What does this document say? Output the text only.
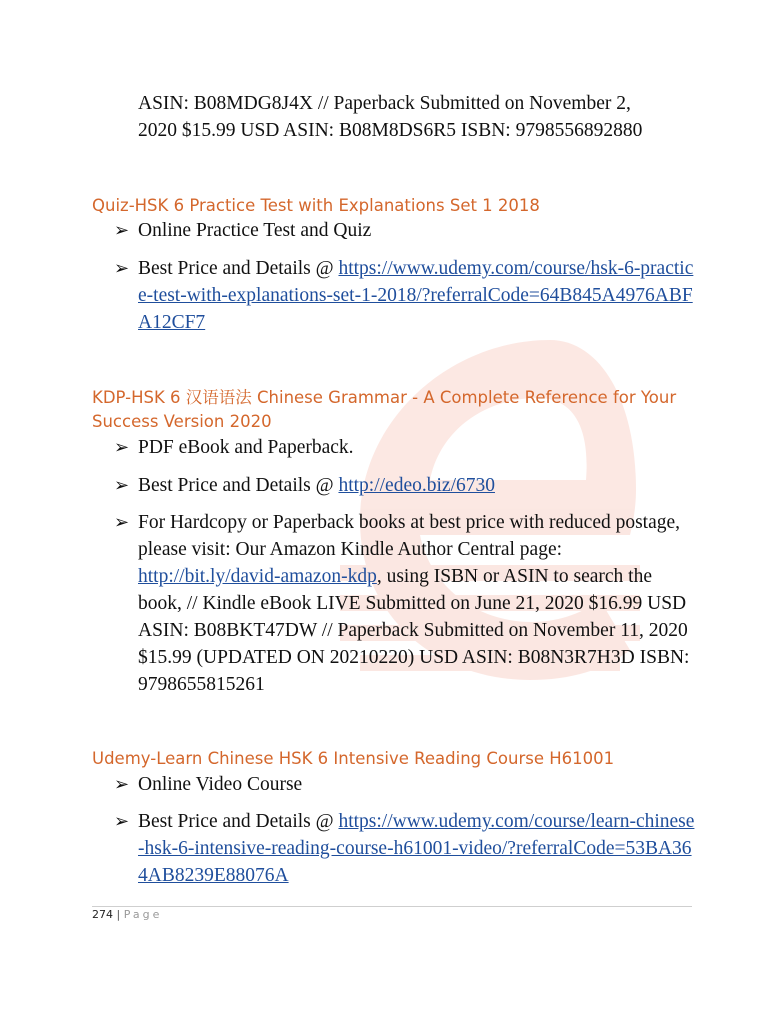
ASIN: B08MDG8J4X // Paperback Submitted on November 2,
2020 $15.99 USD ASIN: B08M8DS6R5 ISBN: 9798556892880
Quiz-HSK 6 Practice Test with Explanations Set 1 2018
➢ Online Practice Test and Quiz
➢ Best Price and Details @ https://www.udemy.com/course/hsk-6-practice-test-with-explanations-set-1-2018/?referralCode=64B845A4976ABFA12CF7
KDP-HSK 6 汉语语法 Chinese Grammar - A Complete Reference for Your
Success Version 2020
➢ PDF eBook and Paperback.
➢ Best Price and Details @ http://edeo.biz/6730
➢ For Hardcopy or Paperback books at best price with reduced postage, please visit: Our Amazon Kindle Author Central page: http://bit.ly/david-amazon-kdp, using ISBN or ASIN to search the book, // Kindle eBook LIVE Submitted on June 21, 2020 $16.99 USD ASIN: B08BKT47DW // Paperback Submitted on November 11, 2020 $15.99 (UPDATED ON 20210220) USD ASIN: B08N3R7H3D ISBN: 9798655815261
Udemy-Learn Chinese HSK 6 Intensive Reading Course H61001
➢ Online Video Course
➢ Best Price and Details @ https://www.udemy.com/course/learn-chinese-hsk-6-intensive-reading-course-h61001-video/?referralCode=53BA364AB8239E88076A
274 | Page
